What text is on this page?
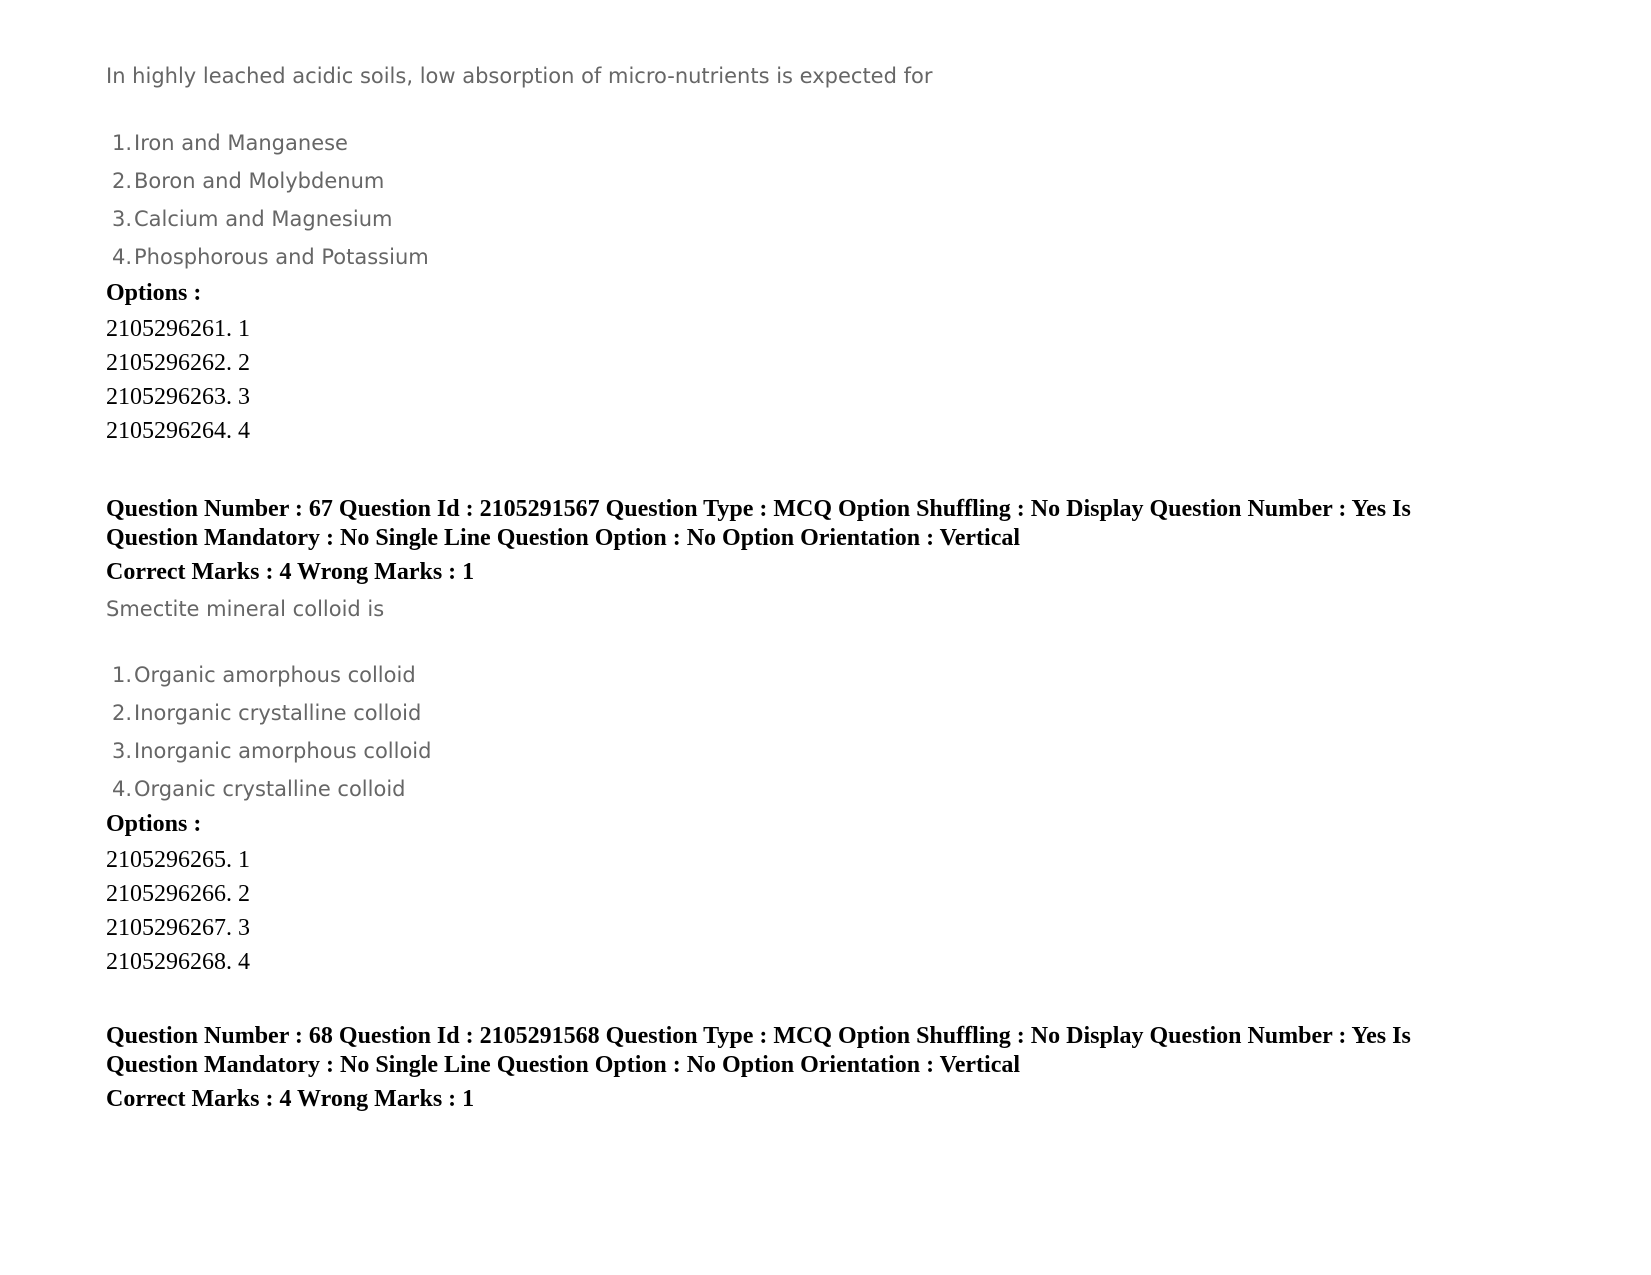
In highly leached acidic soils, low absorption of micro-nutrients is expected for
1.Iron and Manganese
2.Boron and Molybdenum
3.Calcium and Magnesium
4.Phosphorous and Potassium
Options :
2105296261. 1
2105296262. 2
2105296263. 3
2105296264. 4
Question Number : 67 Question Id : 2105291567 Question Type : MCQ Option Shuffling : No Display Question Number : Yes Is
Question Mandatory : No Single Line Question Option : No Option Orientation : Vertical
Correct Marks : 4 Wrong Marks : 1
Smectite mineral colloid is
1.Organic amorphous colloid
2.Inorganic crystalline colloid
3.Inorganic amorphous colloid
4.Organic crystalline colloid
Options :
2105296265. 1
2105296266. 2
2105296267. 3
2105296268. 4
Question Number : 68 Question Id : 2105291568 Question Type : MCQ Option Shuffling : No Display Question Number : Yes Is
Question Mandatory : No Single Line Question Option : No Option Orientation : Vertical
Correct Marks : 4 Wrong Marks : 1
